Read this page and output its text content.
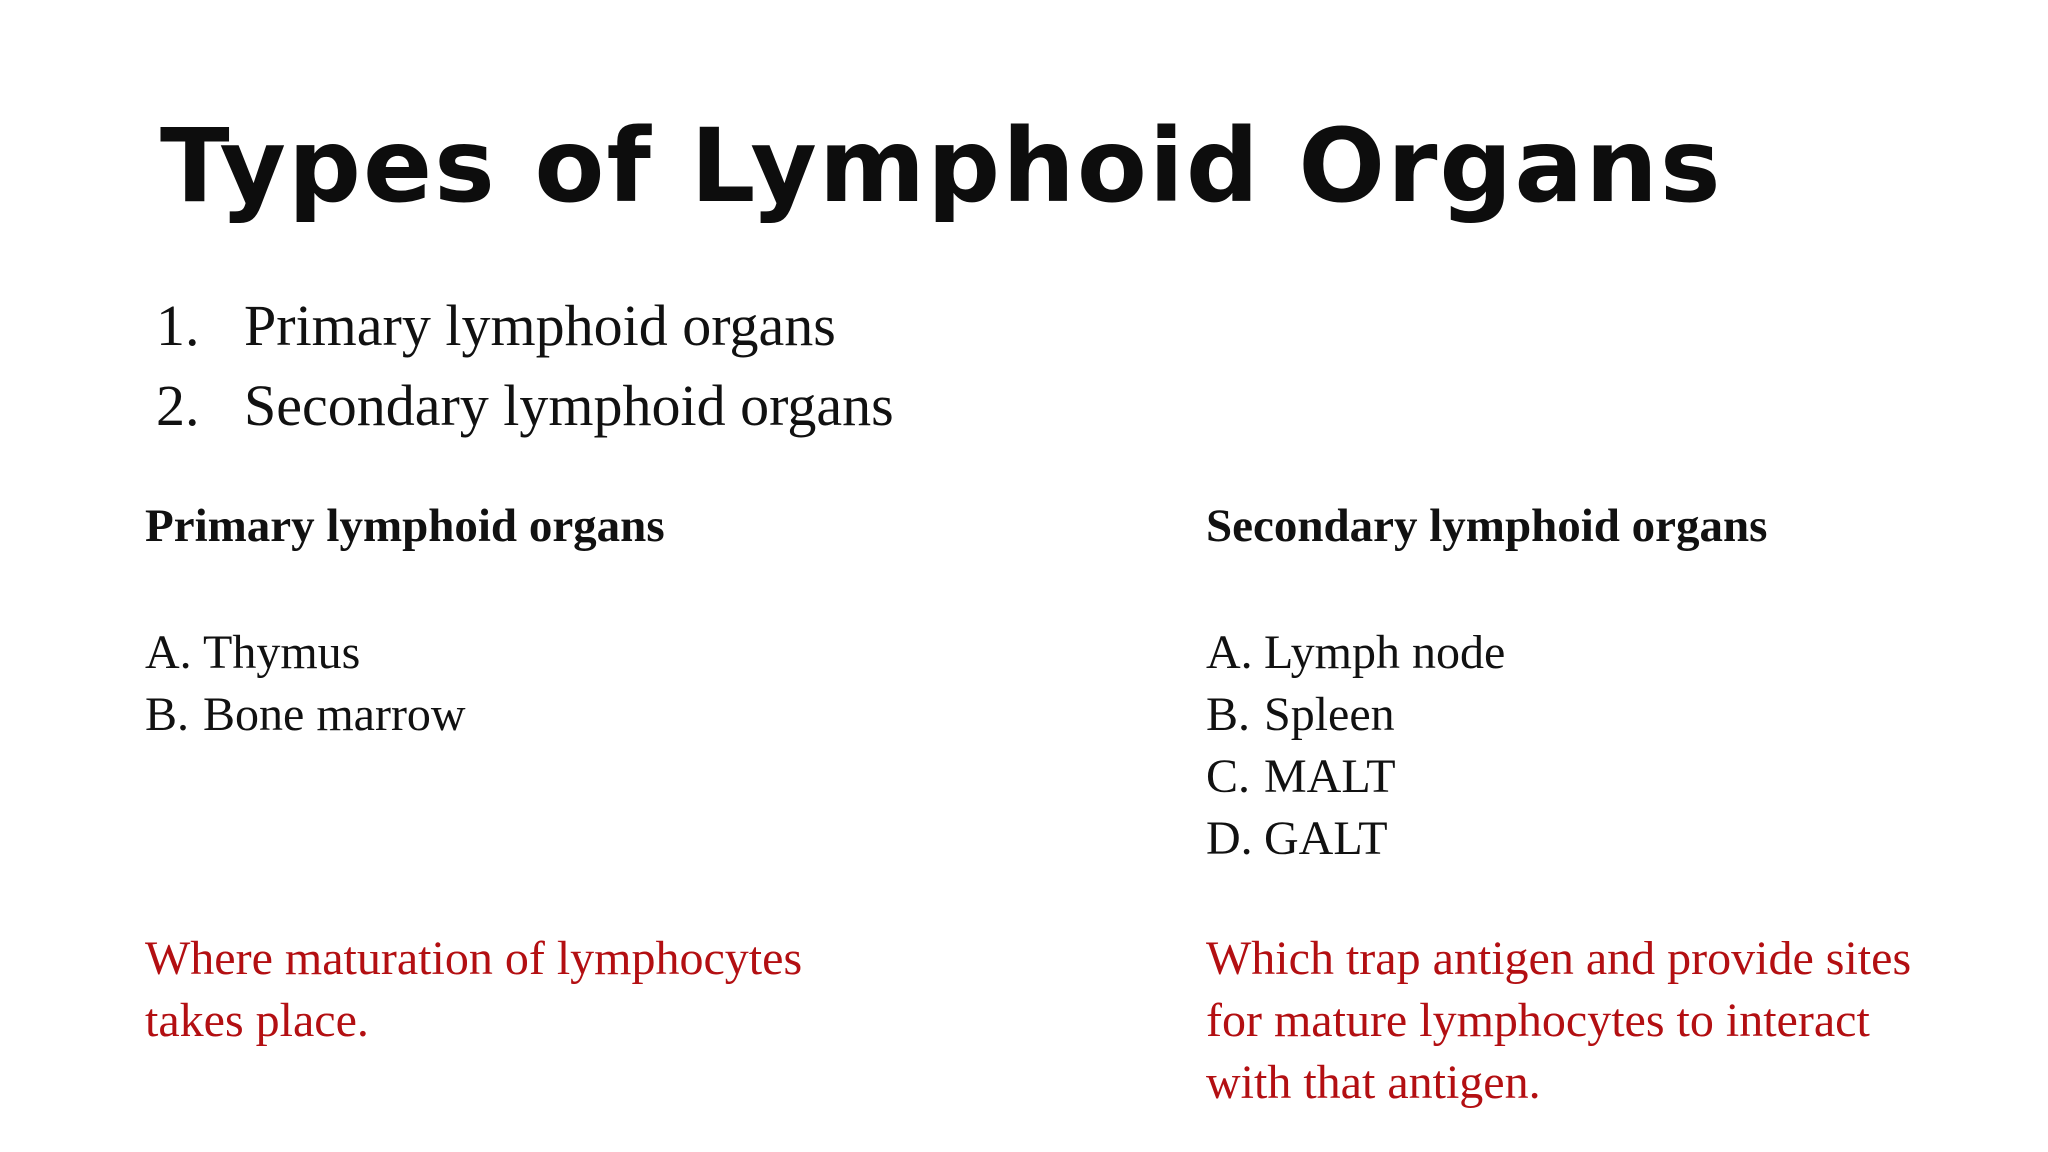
Types of Lymphoid Organs
1. Primary lymphoid organs
2. Secondary lymphoid organs
Primary lymphoid organs
A. Thymus
B. Bone marrow

Where maturation of lymphocytes
takes place.

Secondary lymphoid organs
A. Lymph node
B. Spleen
C. MALT
D. GALT

Which trap antigen and provide sites
for mature lymphocytes to interact
with that antigen.
